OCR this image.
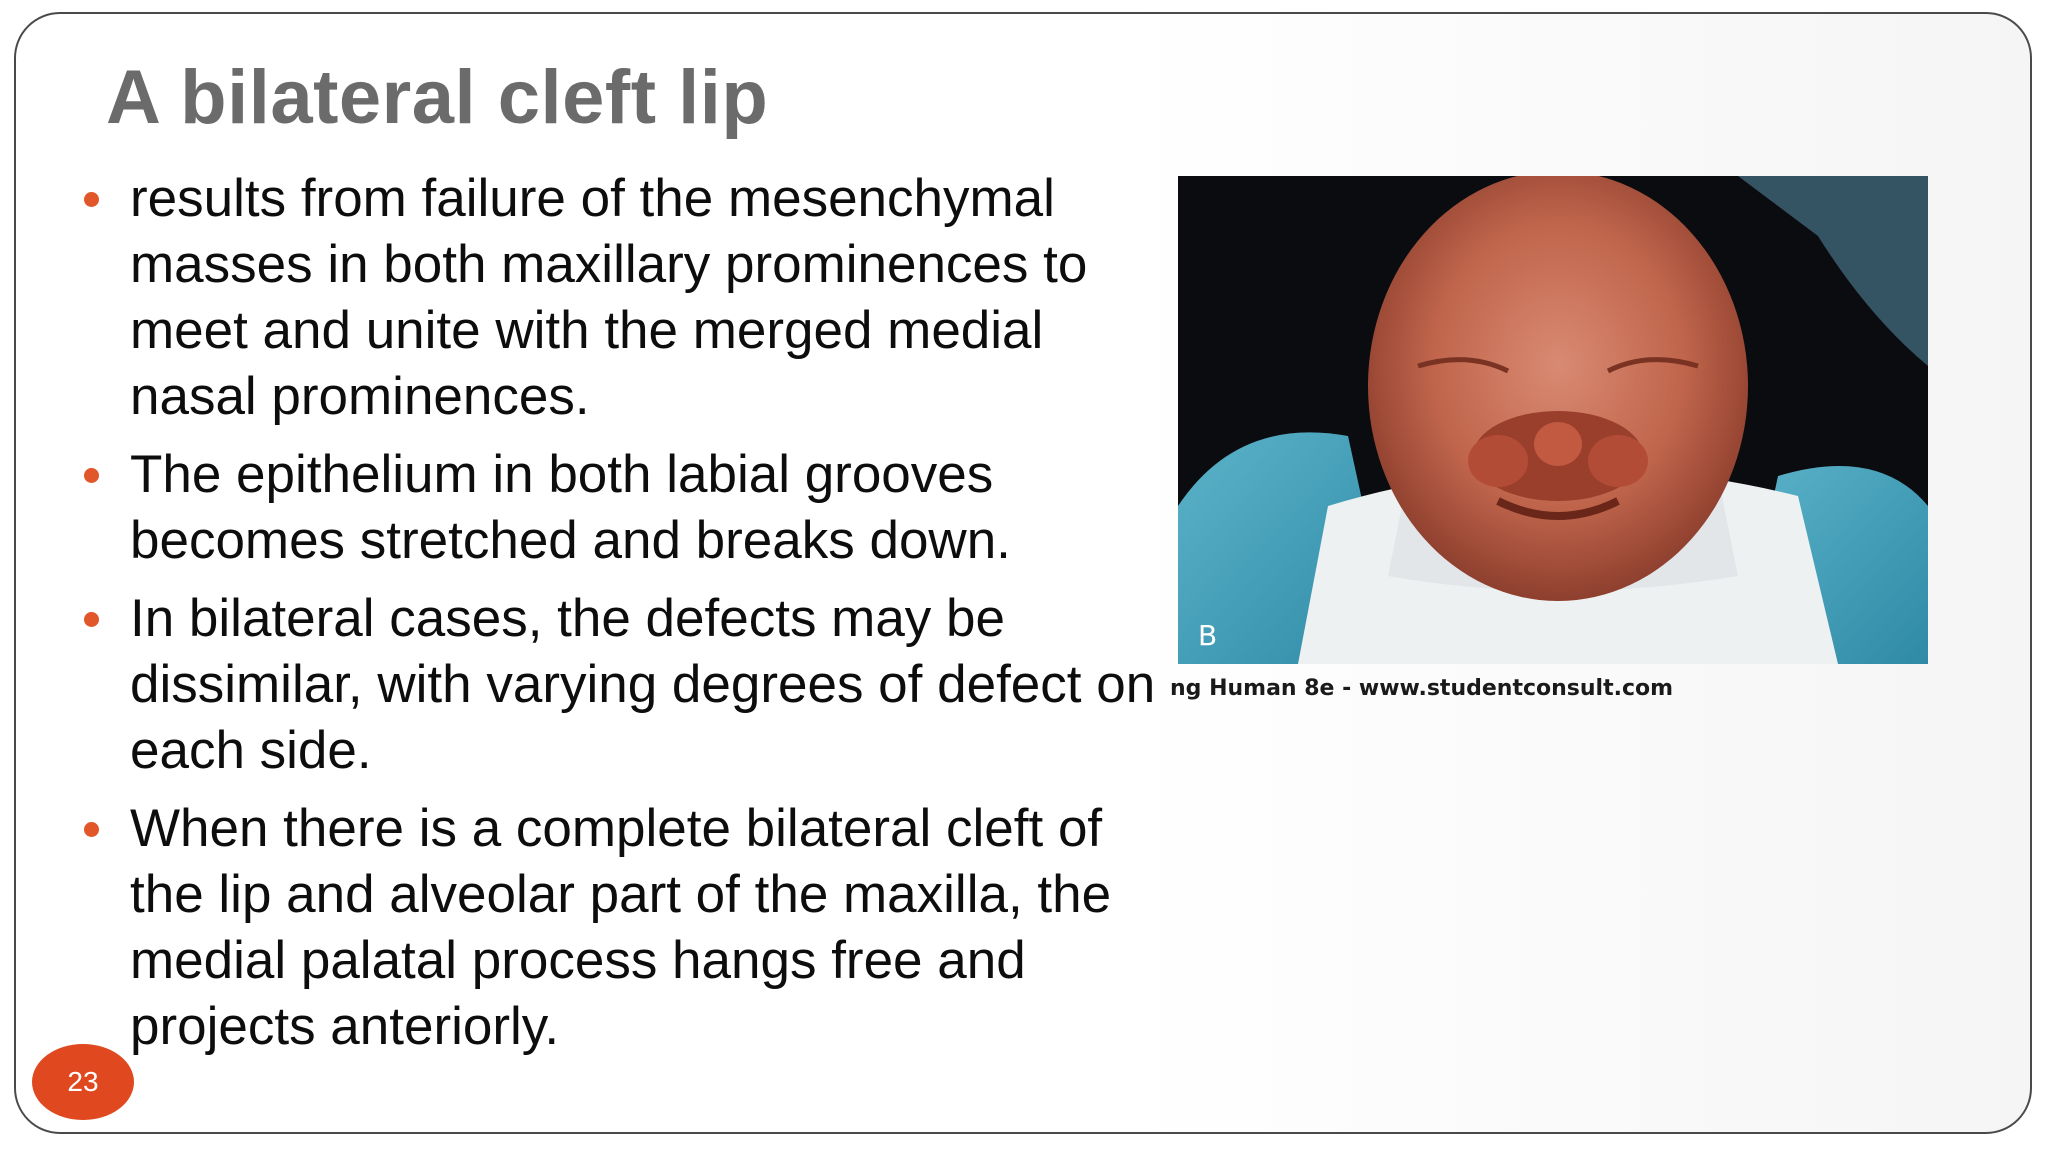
A bilateral cleft lip
results from failure of the mesenchymal masses in both maxillary prominences to meet and unite with the merged medial nasal prominences.
The epithelium in both labial grooves becomes stretched and breaks down.
In bilateral cases, the defects may be dissimilar, with varying degrees of defect on each side.
When there is a complete bilateral cleft of the lip and alveolar part of the maxilla, the medial palatal process hangs free and projects anteriorly.
B
ng Human 8e - www.studentconsult.com
23
